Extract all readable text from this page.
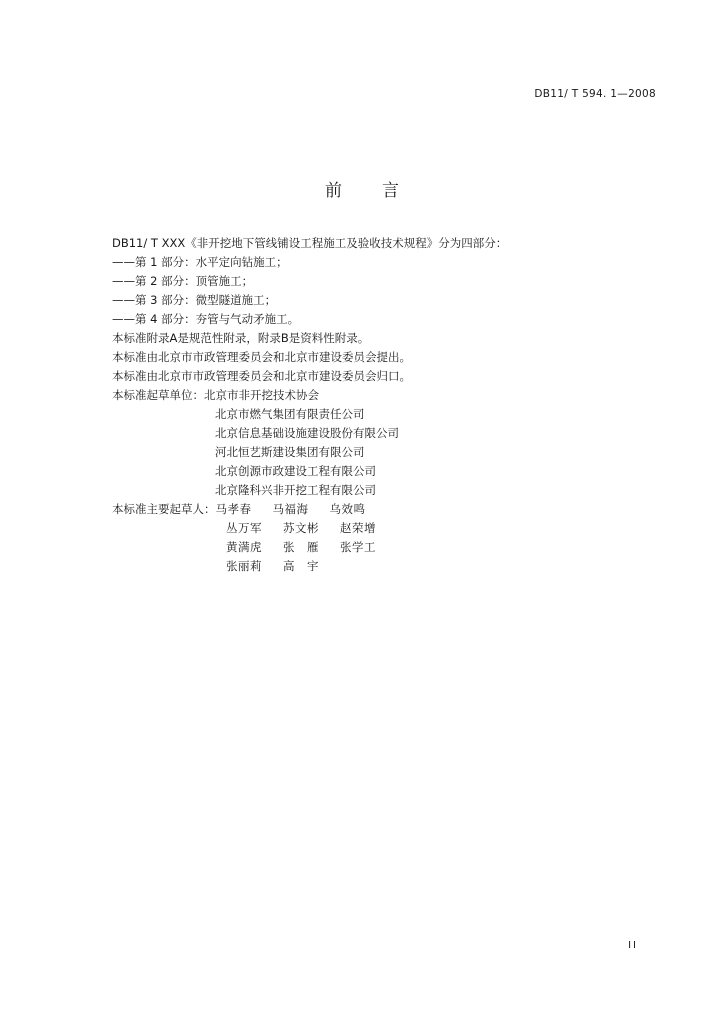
DB11/ T 594. 1—2008
前言
DB11/ T XXX《非开挖地下管线铺设工程施工及验收技术规程》分为四部分：
——第 1 部分：水平定向钻施工；
——第 2 部分：顶管施工；
——第 3 部分：微型隧道施工；
——第 4 部分：夯管与气动矛施工。
本标准附录A是规范性附录，附录B是资料性附录。
本标准由北京市市政管理委员会和北京市建设委员会提出。
本标准由北京市市政管理委员会和北京市建设委员会归口。
本标准起草单位：北京市非开挖技术协会
北京市燃气集团有限责任公司
北京信息基础设施建设股份有限公司
河北恒艺斯建设集团有限公司
北京创源市政建设工程有限公司
北京隆科兴非开挖工程有限公司
本标准主要起草人： 马孝春	马福海	乌效鸣
丛万军	苏文彬	赵荣增
黄满虎	张　雁	张学工
张丽莉	高　宇
II
